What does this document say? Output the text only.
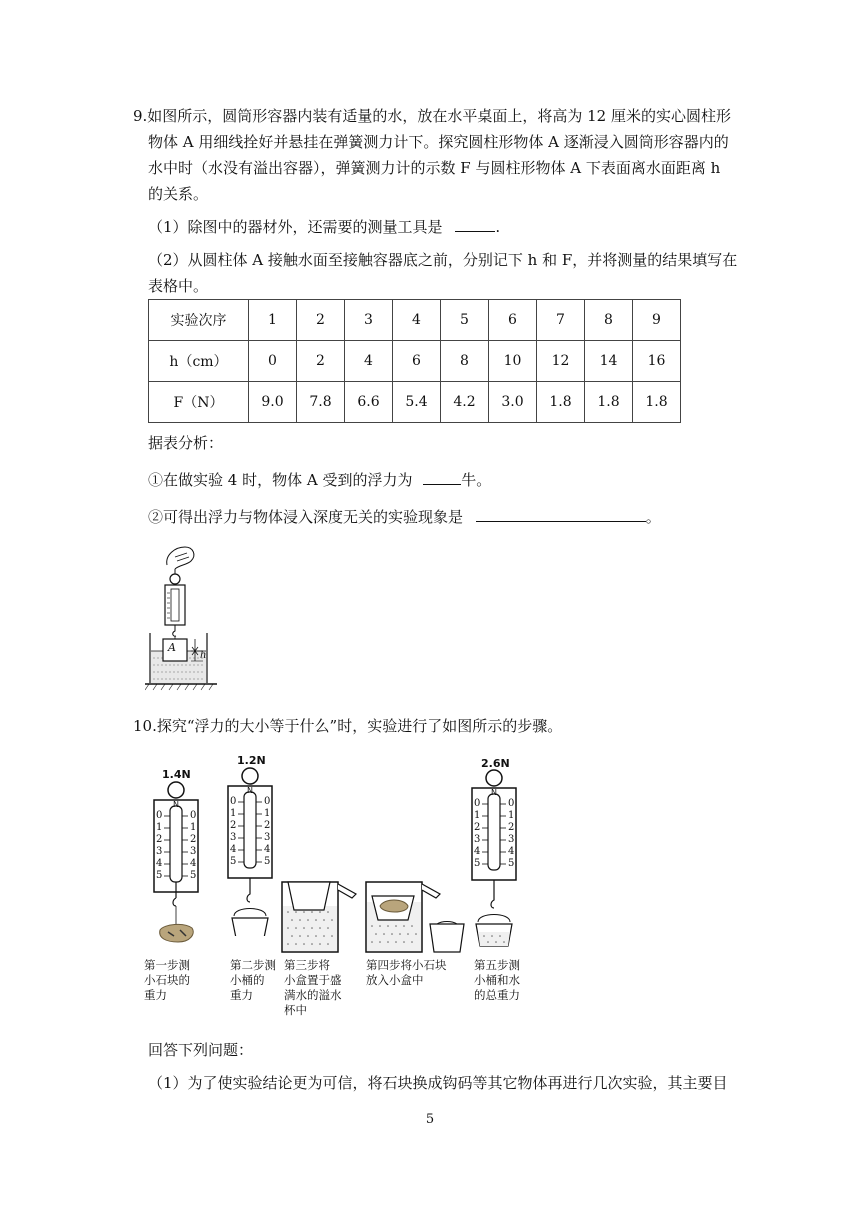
9.如图所示，圆筒形容器内装有适量的水，放在水平桌面上，将高为 12 厘米的实心圆柱形

物体 A 用细线拴好并悬挂在弹簧测力计下。探究圆柱形物体 A 逐渐浸入圆筒形容器内的

水中时（水没有溢出容器），弹簧测力计的示数 F 与圆柱形物体 A 下表面离水面距离 h

的关系。

（1）除图中的器材外，还需要的测量工具是	.

（2）从圆柱体 A 接触水面至接触容器底之前，分别记下 h 和 F，并将测量的结果填写在

表格中。

实验次序	1	2	3	4	5	6	7	8	9
h（cm）	0	2	4	6	8	10	12	14	16
F（N）	9.0	7.8	6.6	5.4	4.2	3.0	1.8	1.8	1.8

据表分析：

①在做实验 4 时，物体 A 受到的浮力为	牛。

②可得出浮力与物体浸入深度无关的实验现象是	。

A
h

10.探究“浮力的大小等于什么”时，实验进行了如图所示的步骤。

1.4N
1.2N	2.6N
N
0	0
1	1
2	2
3	3
4	4
5	5
N
0	0
1	1
2	2
3	3
4	4
5	5
N
0	0
1	1
2	2
3	3
4	4
5	5
第一步测
小石块的
重力
第二步测
小桶的
重力
第三步将
小盒置于盛
满水的溢水
杯中
第四步将小石块
放入小盒中
第五步测
小桶和水
的总重力

回答下列问题：

（1）为了使实验结论更为可信，将石块换成钩码等其它物体再进行几次实验，其主要目

5
